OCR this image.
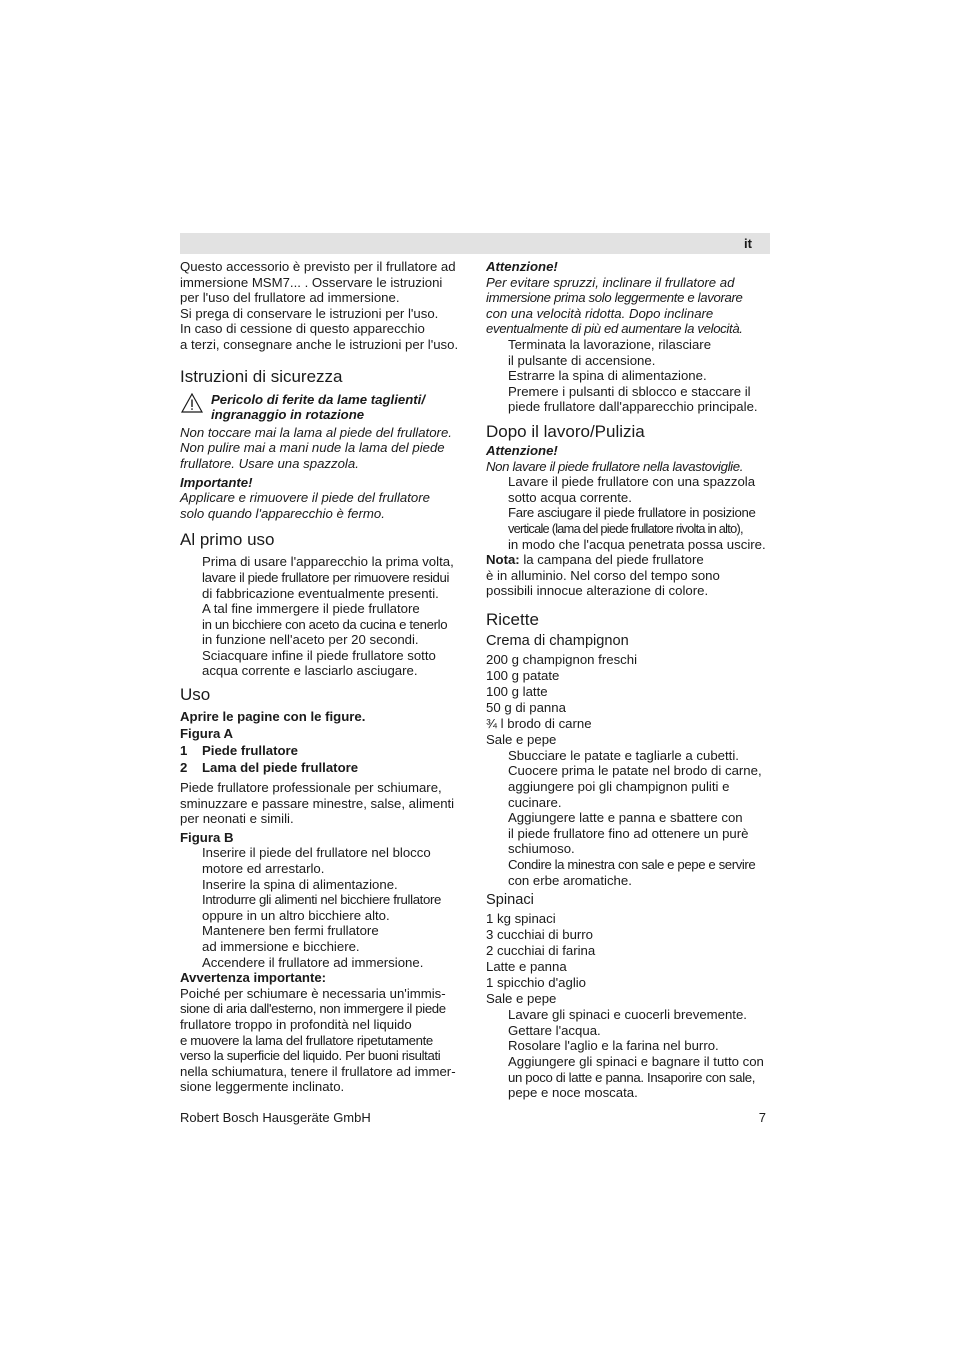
it
Questo accessorio è previsto per il frullatore ad
immersione MSM7... . Osservare le istruzioni
per l'uso del frullatore ad immersione.
Si prega di conservare le istruzioni per l'uso.
In caso di cessione di questo apparecchio
a terzi, consegnare anche le istruzioni per l'uso.
Istruzioni di sicurezza
Pericolo di ferite da lame taglienti/
ingranaggio in rotazione
Non toccare mai la lama al piede del frullatore.
Non pulire mai a mani nude la lama del piede
frullatore. Usare una spazzola.
Importante!
Applicare e rimuovere il piede del frullatore
solo quando l'apparecchio è fermo.
Al primo uso
Prima di usare l'apparecchio la prima volta,
lavare il piede frullatore per rimuovere residui
di fabbricazione eventualmente presenti.
A tal fine immergere il piede frullatore
in un bicchiere con aceto da cucina e tenerlo
in funzione nell'aceto per 20 secondi.
Sciacquare infine il piede frullatore sotto
acqua corrente e lasciarlo asciugare.
Uso
Aprire le pagine con le figure.
Figura A
1 Piede frullatore
2 Lama del piede frullatore
Piede frullatore professionale per schiumare,
sminuzzare e passare minestre, salse, alimenti
per neonati e simili.
Figura B
Inserire il piede del frullatore nel blocco
motore ed arrestarlo.
Inserire la spina di alimentazione.
Introdurre gli alimenti nel bicchiere frullatore
oppure in un altro bicchiere alto.
Mantenere ben fermi frullatore
ad immersione e bicchiere.
Accendere il frullatore ad immersione.
Avvertenza importante:
Poiché per schiumare è necessaria un'immis-
sione di aria dall'esterno, non immergere il piede
frullatore troppo in profondità nel liquido
e muovere la lama del frullatore ripetutamente
verso la superficie del liquido. Per buoni risultati
nella schiumatura, tenere il frullatore ad immer-
sione leggermente inclinato.
Attenzione!
Per evitare spruzzi, inclinare il frullatore ad
immersione prima solo leggermente e lavorare
con una velocità ridotta. Dopo inclinare
eventualmente di più ed aumentare la velocità.
Terminata la lavorazione, rilasciare
il pulsante di accensione.
Estrarre la spina di alimentazione.
Premere i pulsanti di sblocco e staccare il
piede frullatore dall'apparecchio principale.
Dopo il lavoro/Pulizia
Attenzione!
Non lavare il piede frullatore nella lavastoviglie.
Lavare il piede frullatore con una spazzola
sotto acqua corrente.
Fare asciugare il piede frullatore in posizione
verticale (lama del piede frullatore rivolta in alto),
in modo che l'acqua penetrata possa uscire.
Nota: la campana del piede frullatore
è in alluminio. Nel corso del tempo sono
possibili innocue alterazione di colore.
Ricette
Crema di champignon
200 g champignon freschi
100 g patate
100 g latte
50 g di panna
¾ l brodo di carne
Sale e pepe
Sbucciare le patate e tagliarle a cubetti.
Cuocere prima le patate nel brodo di carne,
aggiungere poi gli champignon puliti e
cucinare.
Aggiungere latte e panna e sbattere con
il piede frullatore fino ad ottenere un purè
schiumoso.
Condire la minestra con sale e pepe e servire
con erbe aromatiche.
Spinaci
1 kg spinaci
3 cucchiai di burro
2 cucchiai di farina
Latte e panna
1 spicchio d'aglio
Sale e pepe
Lavare gli spinaci e cuocerli brevemente.
Gettare l'acqua.
Rosolare l'aglio e la farina nel burro.
Aggiungere gli spinaci e bagnare il tutto con
un poco di latte e panna. Insaporire con sale,
pepe e noce moscata.
Robert Bosch Hausgeräte GmbH	7
